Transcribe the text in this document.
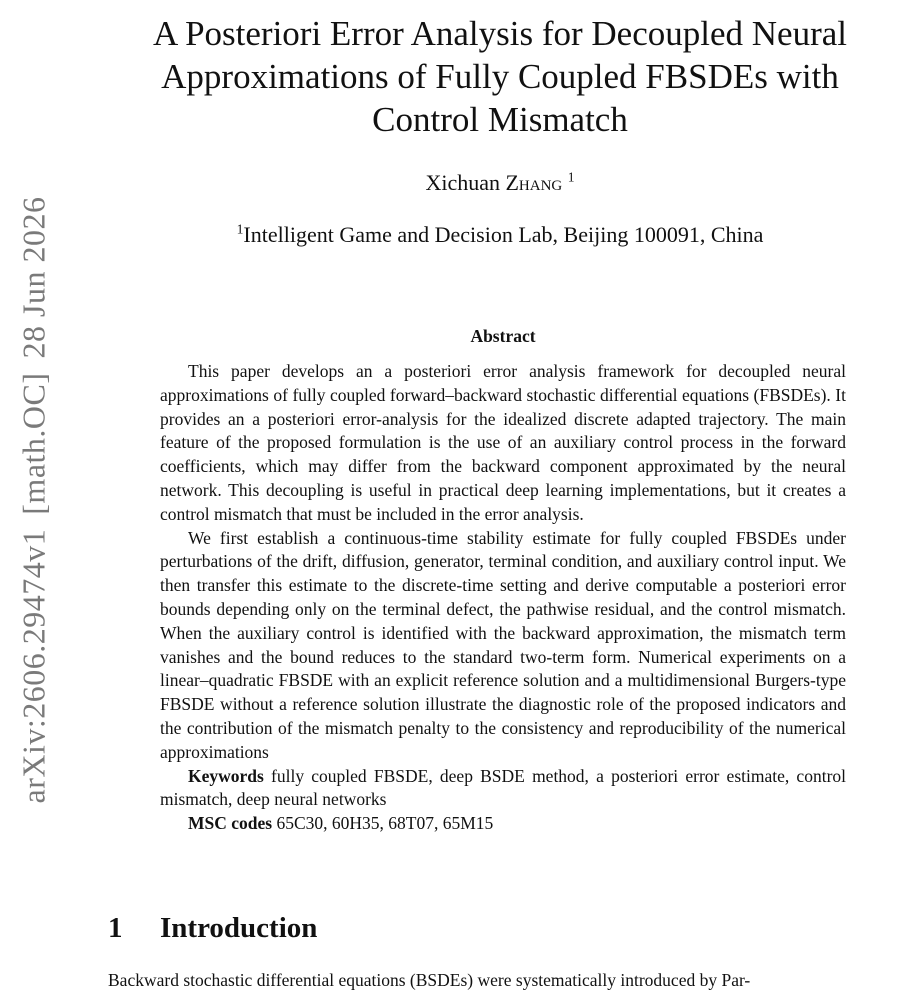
arXiv:2606.29474v1[math.OC]28 Jun 2026
A Posteriori Error Analysis for Decoupled Neural
Approximations of Fully Coupled FBSDEs with
Control Mismatch
Xichuan Zhang $^1$
$^1$Intelligent Game and Decision Lab, Beijing 100091, China
Abstract

This paper develops an a posteriori error analysis framework for decoupled neural approximations of fully coupled forward–backward stochastic differential equations (FBSDEs). It provides an a posteriori error-analysis for the idealized discrete adapted trajectory. The main feature of the proposed formulation is the use of an auxiliary control process in the forward coefficients, which may differ from the backward component approximated by the neural network. This decoupling is useful in practical deep learning implementations, but it creates a control mismatch that must be included in the error analysis.

We first establish a continuous-time stability estimate for fully coupled FBSDEs under perturbations of the drift, diffusion, generator, terminal condition, and auxiliary control input. We then transfer this estimate to the discrete-time setting and derive computable a posteriori error bounds depending only on the terminal defect, the pathwise residual, and the control mismatch. When the auxiliary control is identified with the backward approximation, the mismatch term vanishes and the bound reduces to the standard two-term form. Numerical experiments on a linear–quadratic FBSDE with an explicit reference solution and a multidimensional Burgers-type FBSDE without a reference solution illustrate the diagnostic role of the proposed indicators and the contribution of the mismatch penalty to the consistency and reproducibility of the numerical approximations

Keywords fully coupled FBSDE, deep BSDE method, a posteriori error estimate, control mismatch, deep neural networks

MSC codes 65C30, 60H35, 68T07, 65M15

1 Introduction
Backward stochastic differential equations (BSDEs) were systematically introduced by Par-
